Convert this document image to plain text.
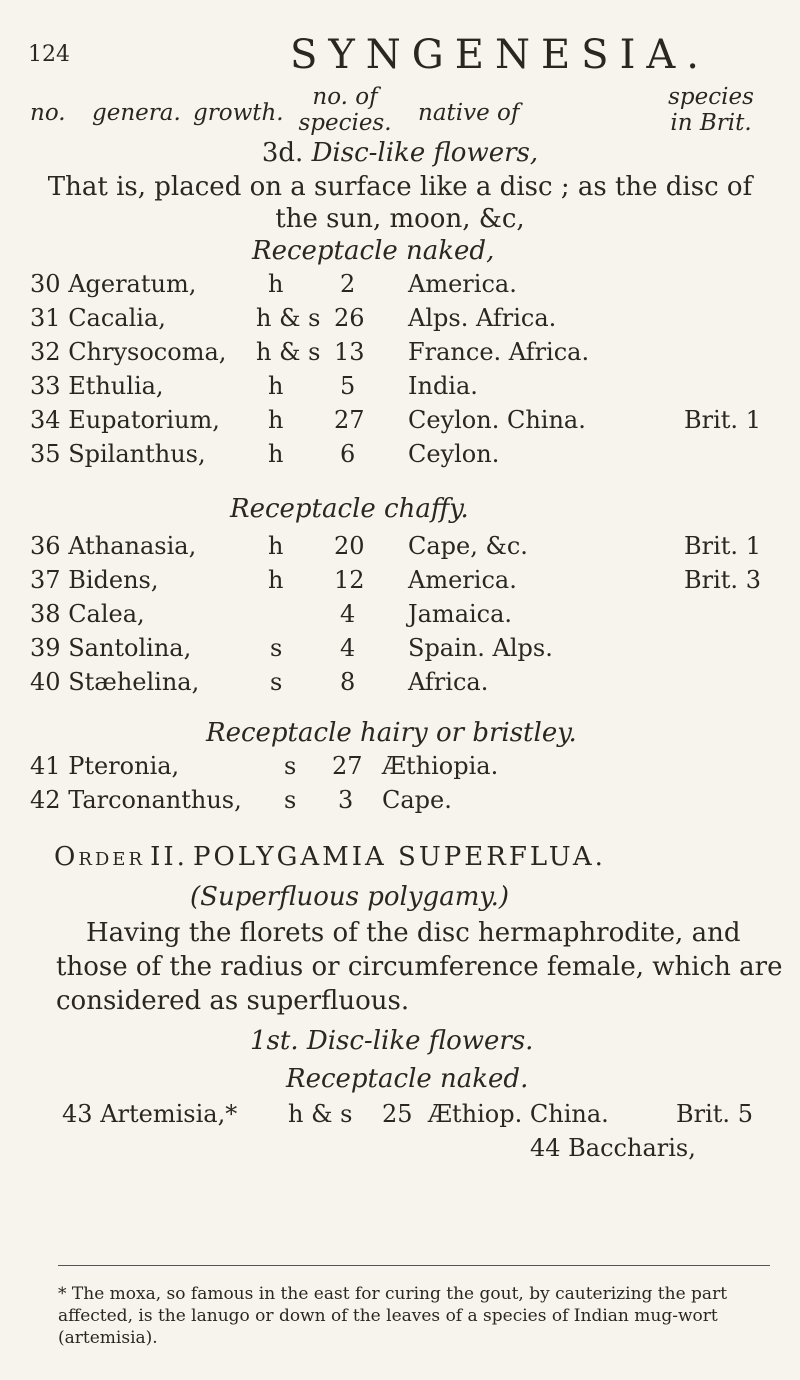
124	SYNGENESIA.
no. genera. growth.
no. of
species.	native of
species
in Brit.
3d. Disc-like flowers,
That is, placed on a surface like a disc ; as the disc of
the sun, moon, &c,
Receptacle naked,
30 Ageratum,	h 2 America.
31 Cacalia,	h & s 26 Alps. Africa.
32 Chrysocoma, h & s 13 France. Africa.
33 Ethulia,	h 5 India.
34 Eupatorium, h 27 Ceylon. China.	Brit. 1
35 Spilanthus,	h 6 Ceylon.
Receptacle chaffy.
36 Athanasia,	h 20 Cape, &c.	Brit. 1
37 Bidens,	h 12 America.	Brit. 3
38 Calea,	4 Jamaica.
39 Santolina,	s 4 Spain. Alps.
40 Stæhelina,	s 8 Africa.
Receptacle hairy or bristley.
41 Pteronia,	s 27 Æthiopia.
42 Tarconanthus, s 3 Cape.
Order II. POLYGAMIA SUPERFLUA.
(Superfluous polygamy.)
Having the florets of the disc hermaphrodite, and
those of the radius or circumference female, which are
considered as superfluous.
1st. Disc-like flowers.
Receptacle naked.
43 Artemisia,* h & s 25 Æthiop. China.	Brit. 5
44 Baccharis,
* The moxa, so famous in the east for curing the gout, by cauterizing the part affected, is the lanugo or down of the leaves of a species of Indian mug-wort (artemisia).
